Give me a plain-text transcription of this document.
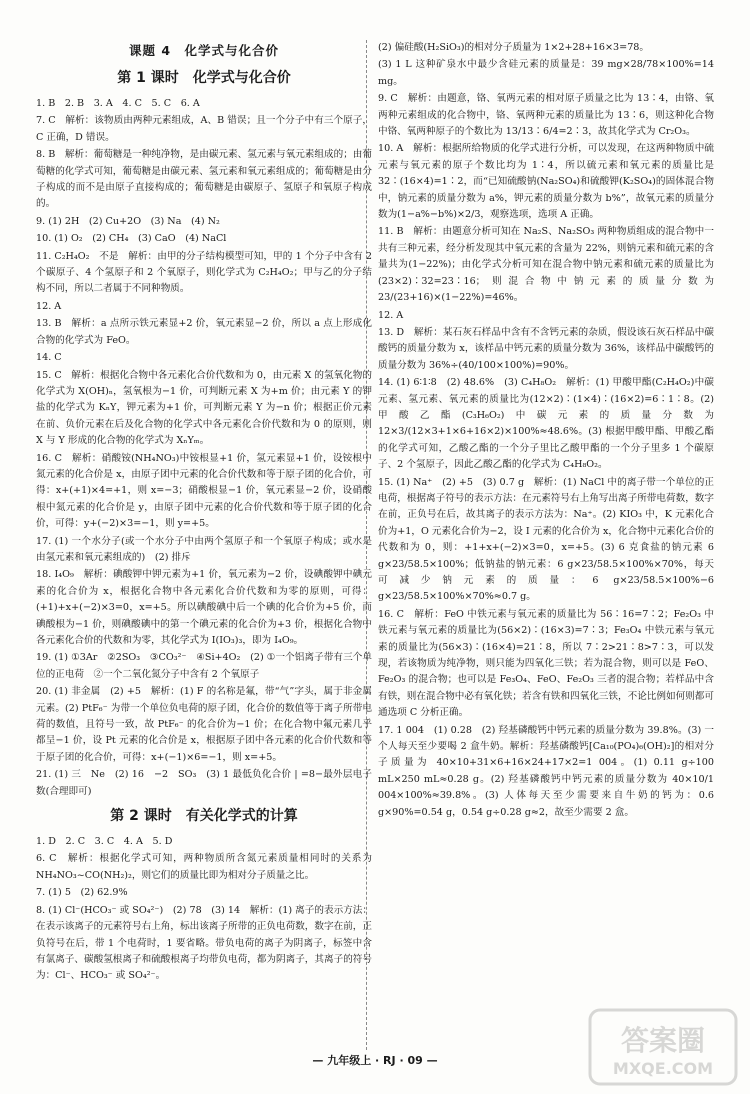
课题 4　化学式与化合价
第 1 课时　化学式与化合价

1. B　2. B　3. A　4. C　5. C　6. A

7. C　解析：该物质由两种元素组成，A、B 错误；且一个分子中有三个原子，C 正确，D 错误。

8. B　解析：葡萄糖是一种纯净物，是由碳元素、氢元素与氧元素组成的；由葡萄糖的化学式可知，葡萄糖是由碳元素、氢元素和氧元素组成的；葡萄糖是由分子构成的而不是由原子直接构成的；葡萄糖是由碳原子、氢原子和氧原子构成的。

9. (1) 2H　(2) Cu+2O　(3) Na　(4) N₂

10. (1) O₂　(2) CH₄　(3) CaO　(4) NaCl

11. C₂H₄O₂　不是　解析：由甲的分子结构模型可知，甲的 1 个分子中含有 2 个碳原子、4 个氢原子和 2 个氧原子，则化学式为 C₂H₄O₂；甲与乙的分子结构不同，所以二者属于不同种物质。

12. A

13. B　解析：a 点所示铁元素显+2 价，氧元素显−2 价，所以 a 点上形成化合物的化学式为 FeO。

14. C

15. C　解析：根据化合物中各元素化合价代数和为 0，由元素 X 的氢氧化物的化学式为 X(OH)ₙ，氢氧根为−1 价，可判断元素 X 为+m 价；由元素 Y 的钾盐的化学式为 KₙY，钾元素为+1 价，可判断元素 Y 为−n 价；根据正价元素在前、负价元素在后及化合物的化学式中各元素化合价代数和为 0 的原则，则 X 与 Y 形成的化合物的化学式为 XₙYₘ。

16. C　解析：硝酸铵(NH₄NO₃)中铵根显+1 价，氢元素显+1 价，设铵根中氮元素的化合价是 x，由原子团中元素的化合价代数和等于原子团的化合价，可得：x+(+1)×4=+1，则 x=−3；硝酸根显−1 价，氧元素显−2 价，设硝酸根中氮元素的化合价是 y，由原子团中元素的化合价代数和等于原子团的化合价，可得：y+(−2)×3=−1，则 y=+5。

17. (1) 一个水分子(或一个水分子中由两个氢原子和一个氧原子构成；或水是由氢元素和氧元素组成的)　(2) 排斥

18. I₄O₉　解析：碘酸钾中钾元素为+1 价，氧元素为−2 价，设碘酸钾中碘元素的化合价为 x，根据化合物中各元素化合价代数和为零的原则，可得：(+1)+x+(−2)×3=0，x=+5。所以碘酸碘中后一个碘的化合价为+5 价，而碘酸根为−1 价，则碘酸碘中的第一个碘元素的化合价为+3 价，根据化合物中各元素化合价的代数和为零，其化学式为 I(IO₃)₃，即为 I₄O₉。

19. (1) ①3Ar　②2SO₃　③CO₃²⁻　④Si+4O₂　(2) ①一个铝离子带有三个单位的正电荷　②一个二氧化氮分子中含有 2 个氧原子

20. (1) 非金属　(2) +5　解析：(1) F 的名称是氟，带“气”字头，属于非金属元素。(2) PtF₆⁻ 为带一个单位负电荷的原子团，化合价的数值等于离子所带电荷的数值，且符号一致，故 PtF₆⁻ 的化合价为−1 价；在化合物中氟元素几乎都呈−1 价，设 Pt 元素的化合价是 x，根据原子团中各元素的化合价代数和等于原子团的化合价，可得：x+(−1)×6=−1，则 x=+5。

21. (1) 三　Ne　(2) 16　−2　SO₃　(3) 1 最低负化合价 | =8−最外层电子数(合理即可)

第 2 课时　有关化学式的计算

1. D　2. C　3. C　4. A　5. D

6. C　解析：根据化学式可知，两种物质所含氮元素质量相同时的关系为 NH₄NO₃~CO(NH₂)₂，则它们的质量比即为相对分子质量之比。

7. (1) 5　(2) 62.9%

8. (1) Cl⁻(HCO₃⁻ 或 SO₄²⁻)　(2) 78　(3) 14　解析：(1) 离子的表示方法：在表示该离子的元素符号右上角，标出该离子所带的正负电荷数，数字在前，正负符号在后，带 1 个电荷时，1 要省略。带负电荷的离子为阴离子，标签中含有氯离子、碳酸氢根离子和硫酸根离子均带负电荷，都为阴离子，其离子的符号为：Cl⁻、HCO₃⁻ 或 SO₄²⁻。

(2) 偏硅酸(H₂SiO₃)的相对分子质量为 1×2+28+16×3=78。

(3) 1 L 这种矿泉水中最少含硅元素的质量是：39 mg×28/78×100%=14 mg。

9. C　解析：由题意，铬、氧两元素的相对原子质量之比为 13∶4，由铬、氧两种元素组成的化合物中，铬、氧两种元素的质量比为 13∶6，则这种化合物中铬、氧两种原子的个数比为 13/13∶6/4=2∶3，故其化学式为 Cr₂O₃。

10. A　解析：根据所给物质的化学式进行分析，可以发现，在这两种物质中硫元素与氧元素的原子个数比均为 1∶4，所以硫元素和氧元素的质量比是 32∶(16×4)=1∶2，而“已知硫酸钠(Na₂SO₄)和硫酸钾(K₂SO₄)的固体混合物中，钠元素的质量分数为 a%，钾元素的质量分数为 b%”，故氧元素的质量分数为(1−a%−b%)×2/3，观察选项，选项 A 正确。

11. B　解析：由题意分析可知在 Na₂S、Na₂SO₃ 两种物质组成的混合物中一共有三种元素，经分析发现其中氧元素的含量为 22%，则钠元素和硫元素的含量共为(1−22%)；由化学式分析可知在混合物中钠元素和硫元素的质量比为(23×2)∶32=23∶16；则混合物中钠元素的质量分数为 23/(23+16)×(1−22%)=46%。

12. A

13. D　解析：某石灰石样品中含有不含钙元素的杂质，假设该石灰石样品中碳酸钙的质量分数为 x，该样品中钙元素的质量分数为 36%，该样品中碳酸钙的质量分数为 36%÷(40/100×100%)=90%。

14. (1) 6∶1∶8　(2) 48.6%　(3) C₄H₈O₂　解析：(1) 甲酸甲酯(C₂H₄O₂)中碳元素、氢元素、氧元素的质量比为(12×2)∶(1×4)∶(16×2)=6∶1∶8。(2) 甲酸乙酯(C₃H₆O₂)中碳元素的质量分数为 12×3/(12×3+1×6+16×2)×100%≈48.6%。(3) 根据甲酸甲酯、甲酸乙酯的化学式可知，乙酸乙酯的一个分子里比乙酸甲酯的一个分子里多 1 个碳原子、2 个氢原子，因此乙酸乙酯的化学式为 C₄H₈O₂。

15. (1) Na⁺　(2) +5　(3) 0.7 g　解析：(1) NaCl 中的离子带一个单位的正电荷，根据离子符号的表示方法：在元素符号右上角写出离子所带电荷数，数字在前，正负号在后，故其离子的表示方法为：Na⁺。(2) KIO₃ 中，K 元素化合价为+1，O 元素化合价为−2，设 I 元素的化合价为 x，化合物中元素化合价的代数和为 0，则：+1+x+(−2)×3=0，x=+5。(3) 6 克食盐的钠元素 6 g×23/58.5×100%；低钠盐的钠元素：6 g×23/58.5×100%×70%，每天可减少钠元素的质量：6 g×23/58.5×100%−6 g×23/58.5×100%×70%≈0.7 g。

16. C　解析：FeO 中铁元素与氧元素的质量比为 56∶16=7∶2；Fe₂O₃ 中铁元素与氧元素的质量比为(56×2)∶(16×3)=7∶3；Fe₃O₄ 中铁元素与氧元素的质量比为(56×3)∶(16×4)=21∶8，所以 7∶2>21∶8>7∶3，可以发现，若该物质为纯净物，则只能为四氧化三铁；若为混合物，则可以是 FeO、Fe₂O₃ 的混合物；也可以是 Fe₃O₄、FeO、Fe₂O₃ 三者的混合物；若样品中含有铁，则在混合物中必有氧化铁；若含有铁和四氧化三铁，不论比例如何则都可通选项 C 分析正确。

17. 1 004　(1) 0.28　(2) 羟基磷酸钙中钙元素的质量分数为 39.8%。(3) 一个人每天至少要喝 2 盒牛奶。解析：羟基磷酸钙[Ca₁₀(PO₄)₆(OH)₂]的相对分子质量为 40×10+31×6+16×24+17×2=1 004。(1) 0.11 g÷100 mL×250 mL≈0.28 g。(2) 羟基磷酸钙中钙元素的质量分数为 40×10/1 004×100%≈39.8%。(3) 人体每天至少需要来自牛奶的钙为：0.6 g×90%=0.54 g，0.54 g÷0.28 g≈2，故至少需要 2 盒。

— 九年级上 · RJ · 09 —
答案圈
MXQE.COM
